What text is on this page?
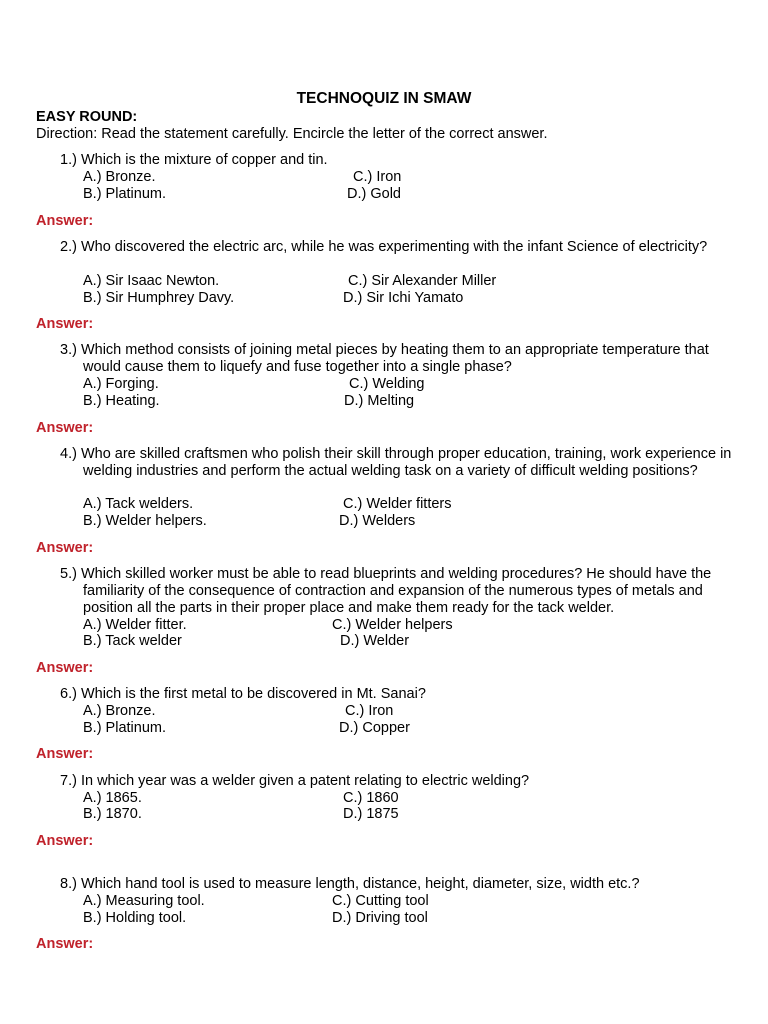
TECHNOQUIZ IN SMAW
EASY ROUND:
Direction: Read the statement carefully. Encircle the letter of the correct answer.
1.) Which is the mixture of copper and tin.
A.) Bronze.	C.) Iron
B.) Platinum.	D.) Gold
Answer:
2.) Who discovered the electric arc, while he was experimenting with the infant Science of electricity?
A.) Sir Isaac Newton.	C.) Sir Alexander Miller
B.) Sir Humphrey Davy.	D.) Sir Ichi Yamato
Answer:
3.) Which method consists of joining metal pieces by heating them to an appropriate temperature that would cause them to liquefy and fuse together into a single phase?
A.) Forging.	C.) Welding
B.) Heating.	D.) Melting
Answer:
4.) Who are skilled craftsmen who polish their skill through proper education, training, work experience in welding industries and perform the actual welding task on a variety of difficult welding positions?
A.) Tack welders.	C.) Welder fitters
B.) Welder helpers.	D.) Welders
Answer:
5.) Which skilled worker must be able to read blueprints and welding procedures? He should have the familiarity of the consequence of contraction and expansion of the numerous types of metals and position all the parts in their proper place and make them ready for the tack welder.
A.) Welder fitter.	C.) Welder helpers
B.) Tack welder	D.) Welder
Answer:
6.) Which is the first metal to be discovered in Mt. Sanai?
A.) Bronze.	C.) Iron
B.) Platinum.	D.) Copper
Answer:
7.) In which year was a welder given a patent relating to electric welding?
A.) 1865.	C.) 1860
B.) 1870.	D.) 1875
Answer:
8.) Which hand tool is used to measure length, distance, height, diameter, size, width etc.?
A.) Measuring tool.	C.) Cutting tool
B.) Holding tool.	D.) Driving tool
Answer:
